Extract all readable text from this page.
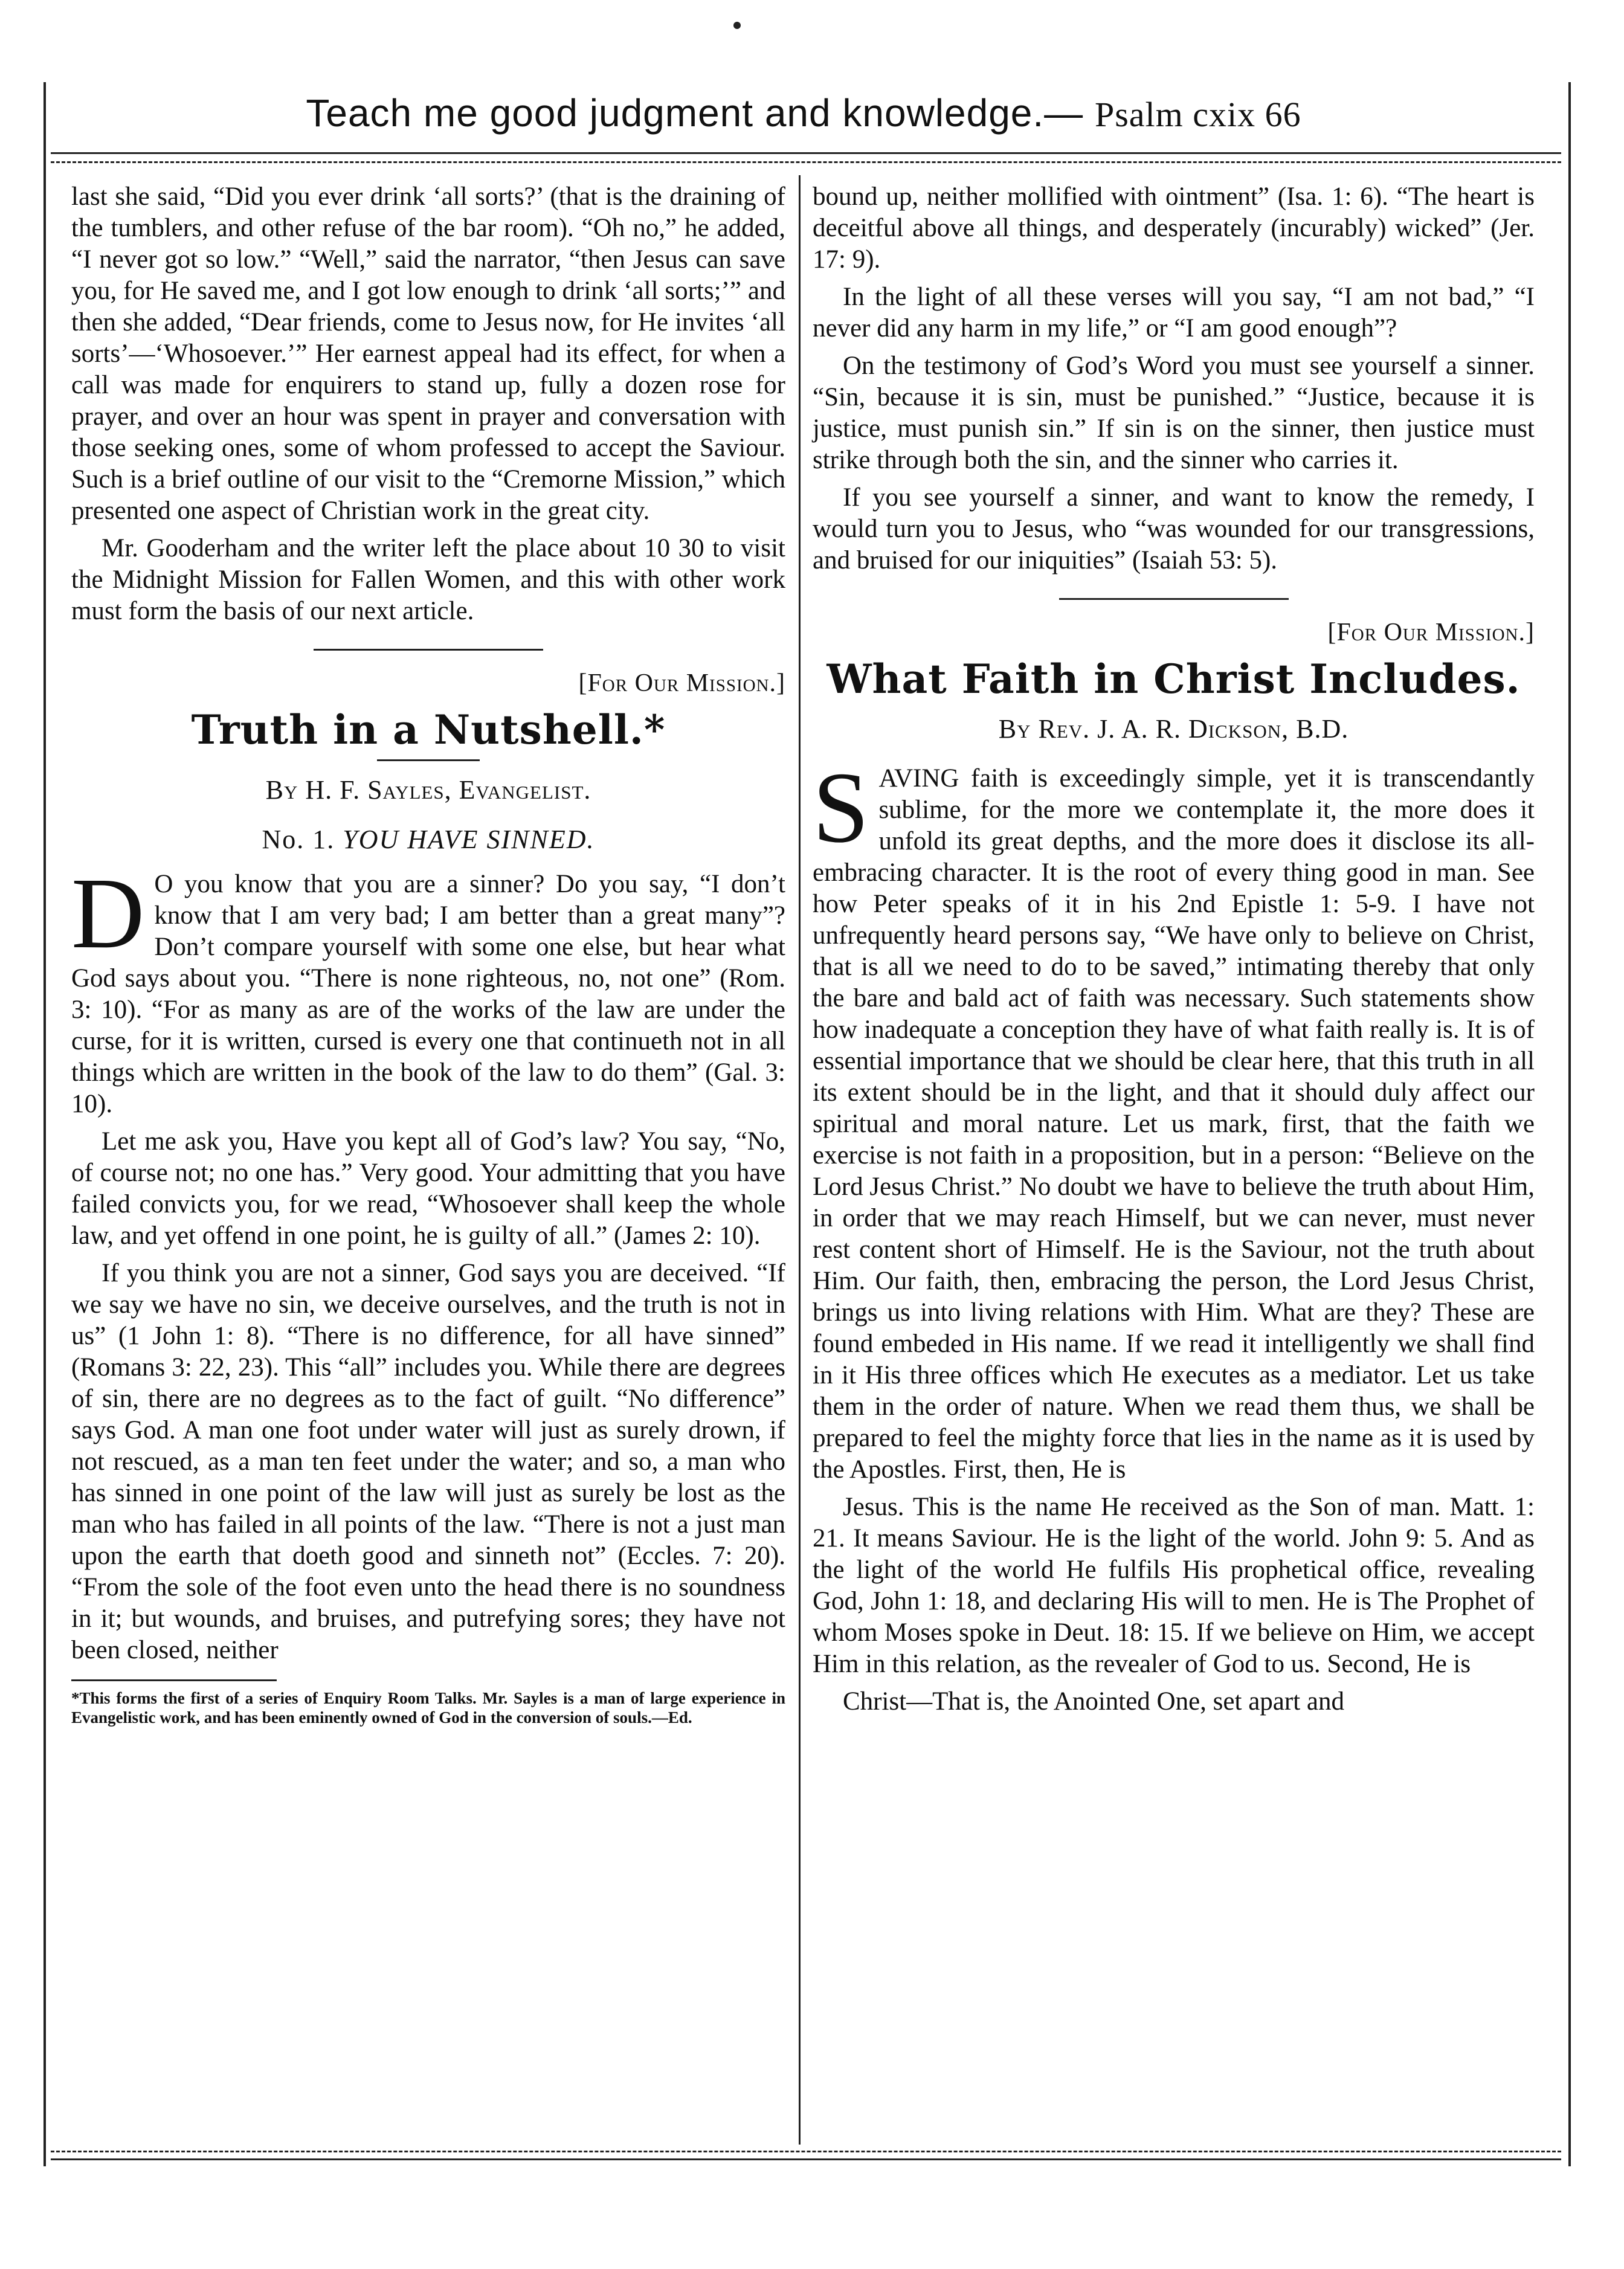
Teach me good judgment and knowledge.— Psalm cxix 66

last she said, “Did you ever drink ‘all sorts?’ (that is the draining of the tumblers, and other refuse of the bar room). “Oh no,” he added, “I never got so low.” “Well,” said the narrator, “then Jesus can save you, for He saved me, and I got low enough to drink ‘all sorts;’” and then she added, “Dear friends, come to Jesus now, for He invites ‘all sorts’—‘Whosoever.’” Her earnest appeal had its effect, for when a call was made for enquirers to stand up, fully a dozen rose for prayer, and over an hour was spent in prayer and conversation with those seeking ones, some of whom professed to accept the Saviour. Such is a brief outline of our visit to the “Cremorne Mission,” which presented one aspect of Christian work in the great city.

Mr. Gooderham and the writer left the place about 10 30 to visit the Midnight Mission for Fallen Women, and this with other work must form the basis of our next article.

[For Our Mission.]
Truth in a Nutshell.*
By H. F. Sayles, Evangelist.
No. 1. YOU HAVE SINNED.

D O you know that you are a sinner? Do you say, “I don’t know that I am very bad; I am better than a great many”? Don’t compare yourself with some one else, but hear what God says about you. “There is none righteous, no, not one” (Rom. 3: 10). “For as many as are of the works of the law are under the curse, for it is written, cursed is every one that continueth not in all things which are written in the book of the law to do them” (Gal. 3: 10).

Let me ask you, Have you kept all of God’s law? You say, “No, of course not; no one has.” Very good. Your admitting that you have failed convicts you, for we read, “Whosoever shall keep the whole law, and yet offend in one point, he is guilty of all.” (James 2: 10).

If you think you are not a sinner, God says you are deceived. “If we say we have no sin, we deceive ourselves, and the truth is not in us” (1 John 1: 8). “There is no difference, for all have sinned” (Romans 3: 22, 23). This “all” includes you. While there are degrees of sin, there are no degrees as to the fact of guilt. “No difference” says God. A man one foot under water will just as surely drown, if not rescued, as a man ten feet under the water; and so, a man who has sinned in one point of the law will just as surely be lost as the man who has failed in all points of the law. “There is not a just man upon the earth that doeth good and sinneth not” (Eccles. 7: 20). “From the sole of the foot even unto the head there is no soundness in it; but wounds, and bruises, and putrefying sores; they have not been closed, neither

*This forms the first of a series of Enquiry Room Talks. Mr. Sayles is a man of large experience in Evangelistic work, and has been eminently owned of God in the conversion of souls.—Ed.

bound up, neither mollified with ointment” (Isa. 1: 6). “The heart is deceitful above all things, and desperately (incurably) wicked” (Jer. 17: 9).

In the light of all these verses will you say, “I am not bad,” “I never did any harm in my life,” or “I am good enough”?

On the testimony of God’s Word you must see yourself a sinner. “Sin, because it is sin, must be punished.” “Justice, because it is justice, must punish sin.” If sin is on the sinner, then justice must strike through both the sin, and the sinner who carries it.

If you see yourself a sinner, and want to know the remedy, I would turn you to Jesus, who “was wounded for our transgressions, and bruised for our iniquities” (Isaiah 53: 5).

[For Our Mission.]
What Faith in Christ Includes.
By Rev. J. A. R. Dickson, B.D.

SAVING faith is exceedingly simple, yet it is transcendantly sublime, for the more we contemplate it, the more does it unfold its great depths, and the more does it disclose its all-embracing character. It is the root of every thing good in man. See how Peter speaks of it in his 2nd Epistle 1: 5-9. I have not unfrequently heard persons say, “We have only to believe on Christ, that is all we need to do to be saved,” intimating thereby that only the bare and bald act of faith was necessary. Such statements show how inadequate a conception they have of what faith really is. It is of essential importance that we should be clear here, that this truth in all its extent should be in the light, and that it should duly affect our spiritual and moral nature. Let us mark, first, that the faith we exercise is not faith in a proposition, but in a person: “Believe on the Lord Jesus Christ.” No doubt we have to believe the truth about Him, in order that we may reach Himself, but we can never, must never rest content short of Himself. He is the Saviour, not the truth about Him. Our faith, then, embracing the person, the Lord Jesus Christ, brings us into living relations with Him. What are they? These are found embeded in His name. If we read it intelligently we shall find in it His three offices which He executes as a mediator. Let us take them in the order of nature. When we read them thus, we shall be prepared to feel the mighty force that lies in the name as it is used by the Apostles. First, then, He is

Jesus. This is the name He received as the Son of man. Matt. 1: 21. It means Saviour. He is the light of the world. John 9: 5. And as the light of the world He fulfils His prophetical office, revealing God, John 1: 18, and declaring His will to men. He is The Prophet of whom Moses spoke in Deut. 18: 15. If we believe on Him, we accept Him in this relation, as the revealer of God to us. Second, He is

Christ—That is, the Anointed One, set apart and
